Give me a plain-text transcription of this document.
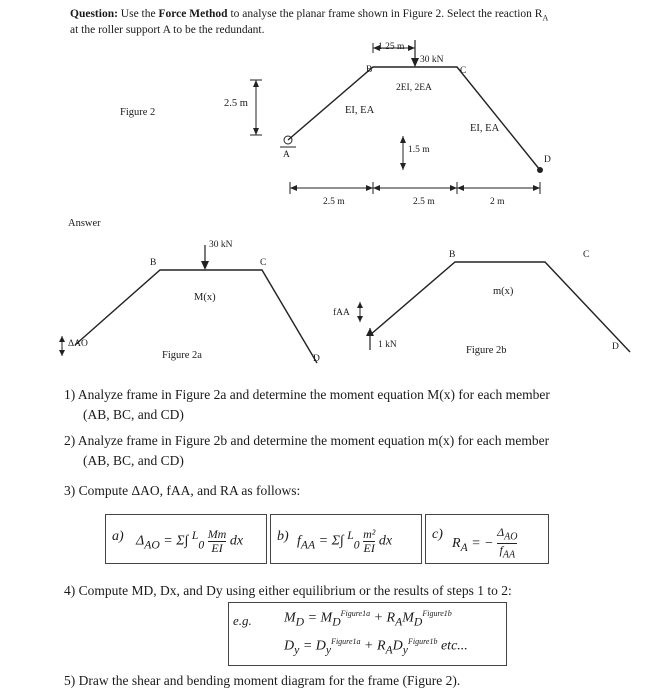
Question: Use the Force Method to analyse the planar frame shown in Figure 2. Select the reaction $R_A$ at the roller support A to be the redundant.
Figure 2
2.5 m
1.25 m
30 kN
B	C
A	D
EI, EA
2EI, 2EA
EI, EA
1.5 m
2.5 m	2.5 m	2 m
Answer
30 kN
B	C
M(x)
ΔAO
Figure 2a	D
B	C
m(x)
fAA
1 kN	Figure 2b	D
1) Analyze frame in Figure 2a and determine the moment equation M(x) for each member
(AB, BC, and CD)
2) Analyze frame in Figure 2b and determine the moment equation m(x) for each member
(AB, BC, and CD)
3) Compute ΔAO, fAA, and RA as follows:
a) $\Delta_{AO} = \Sigma\int$ $^L_0$
Mm
EI dx b) $f_{AA} = \Sigma\int$ $^L_0$
m²
EI dx	c)
$R_A$ = −
$\Delta_{AO}$
$f_{AA}$
4) Compute MD, Dx, and Dy using either equilibrium or the results of steps 1 to 2:
e.g. $M_D = M_D^{Figure1a} + R_AM_D^{Figure1b}$
$D_y = D_y^{Figure1a} + R_AD_y^{Figure1b}$ etc...
5) Draw the shear and bending moment diagram for the frame (Figure 2).
